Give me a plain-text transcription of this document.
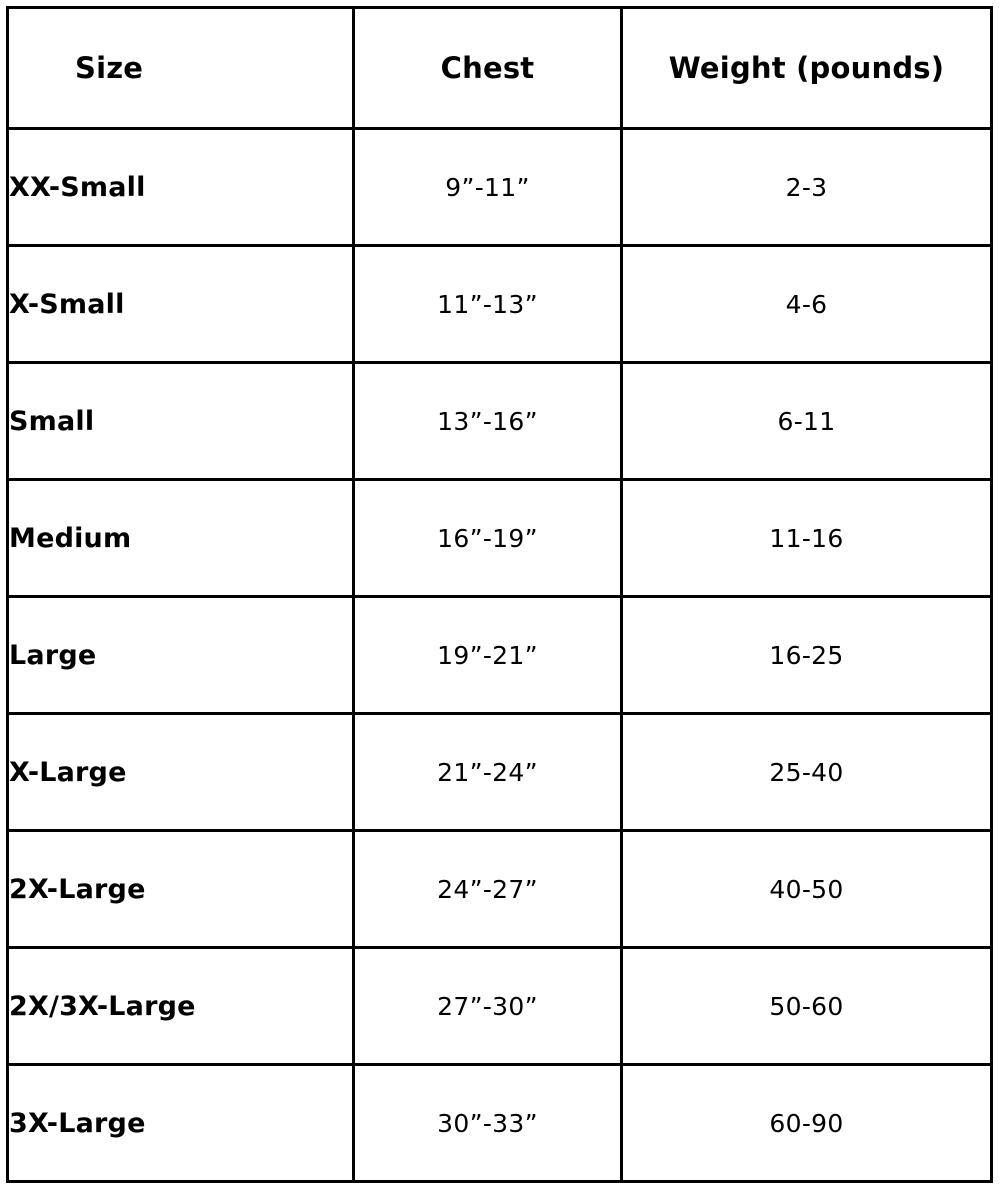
Size	Chest	Weight (pounds)
XX-Small	9”-11”	2-3
X-Small	11”-13”	4-6
Small	13”-16”	6-11
Medium	16”-19”	11-16
Large	19”-21”	16-25
X-Large	21”-24”	25-40
2X-Large	24”-27”	40-50
2X/3X-Large	27”-30”	50-60
3X-Large	30”-33”	60-90
